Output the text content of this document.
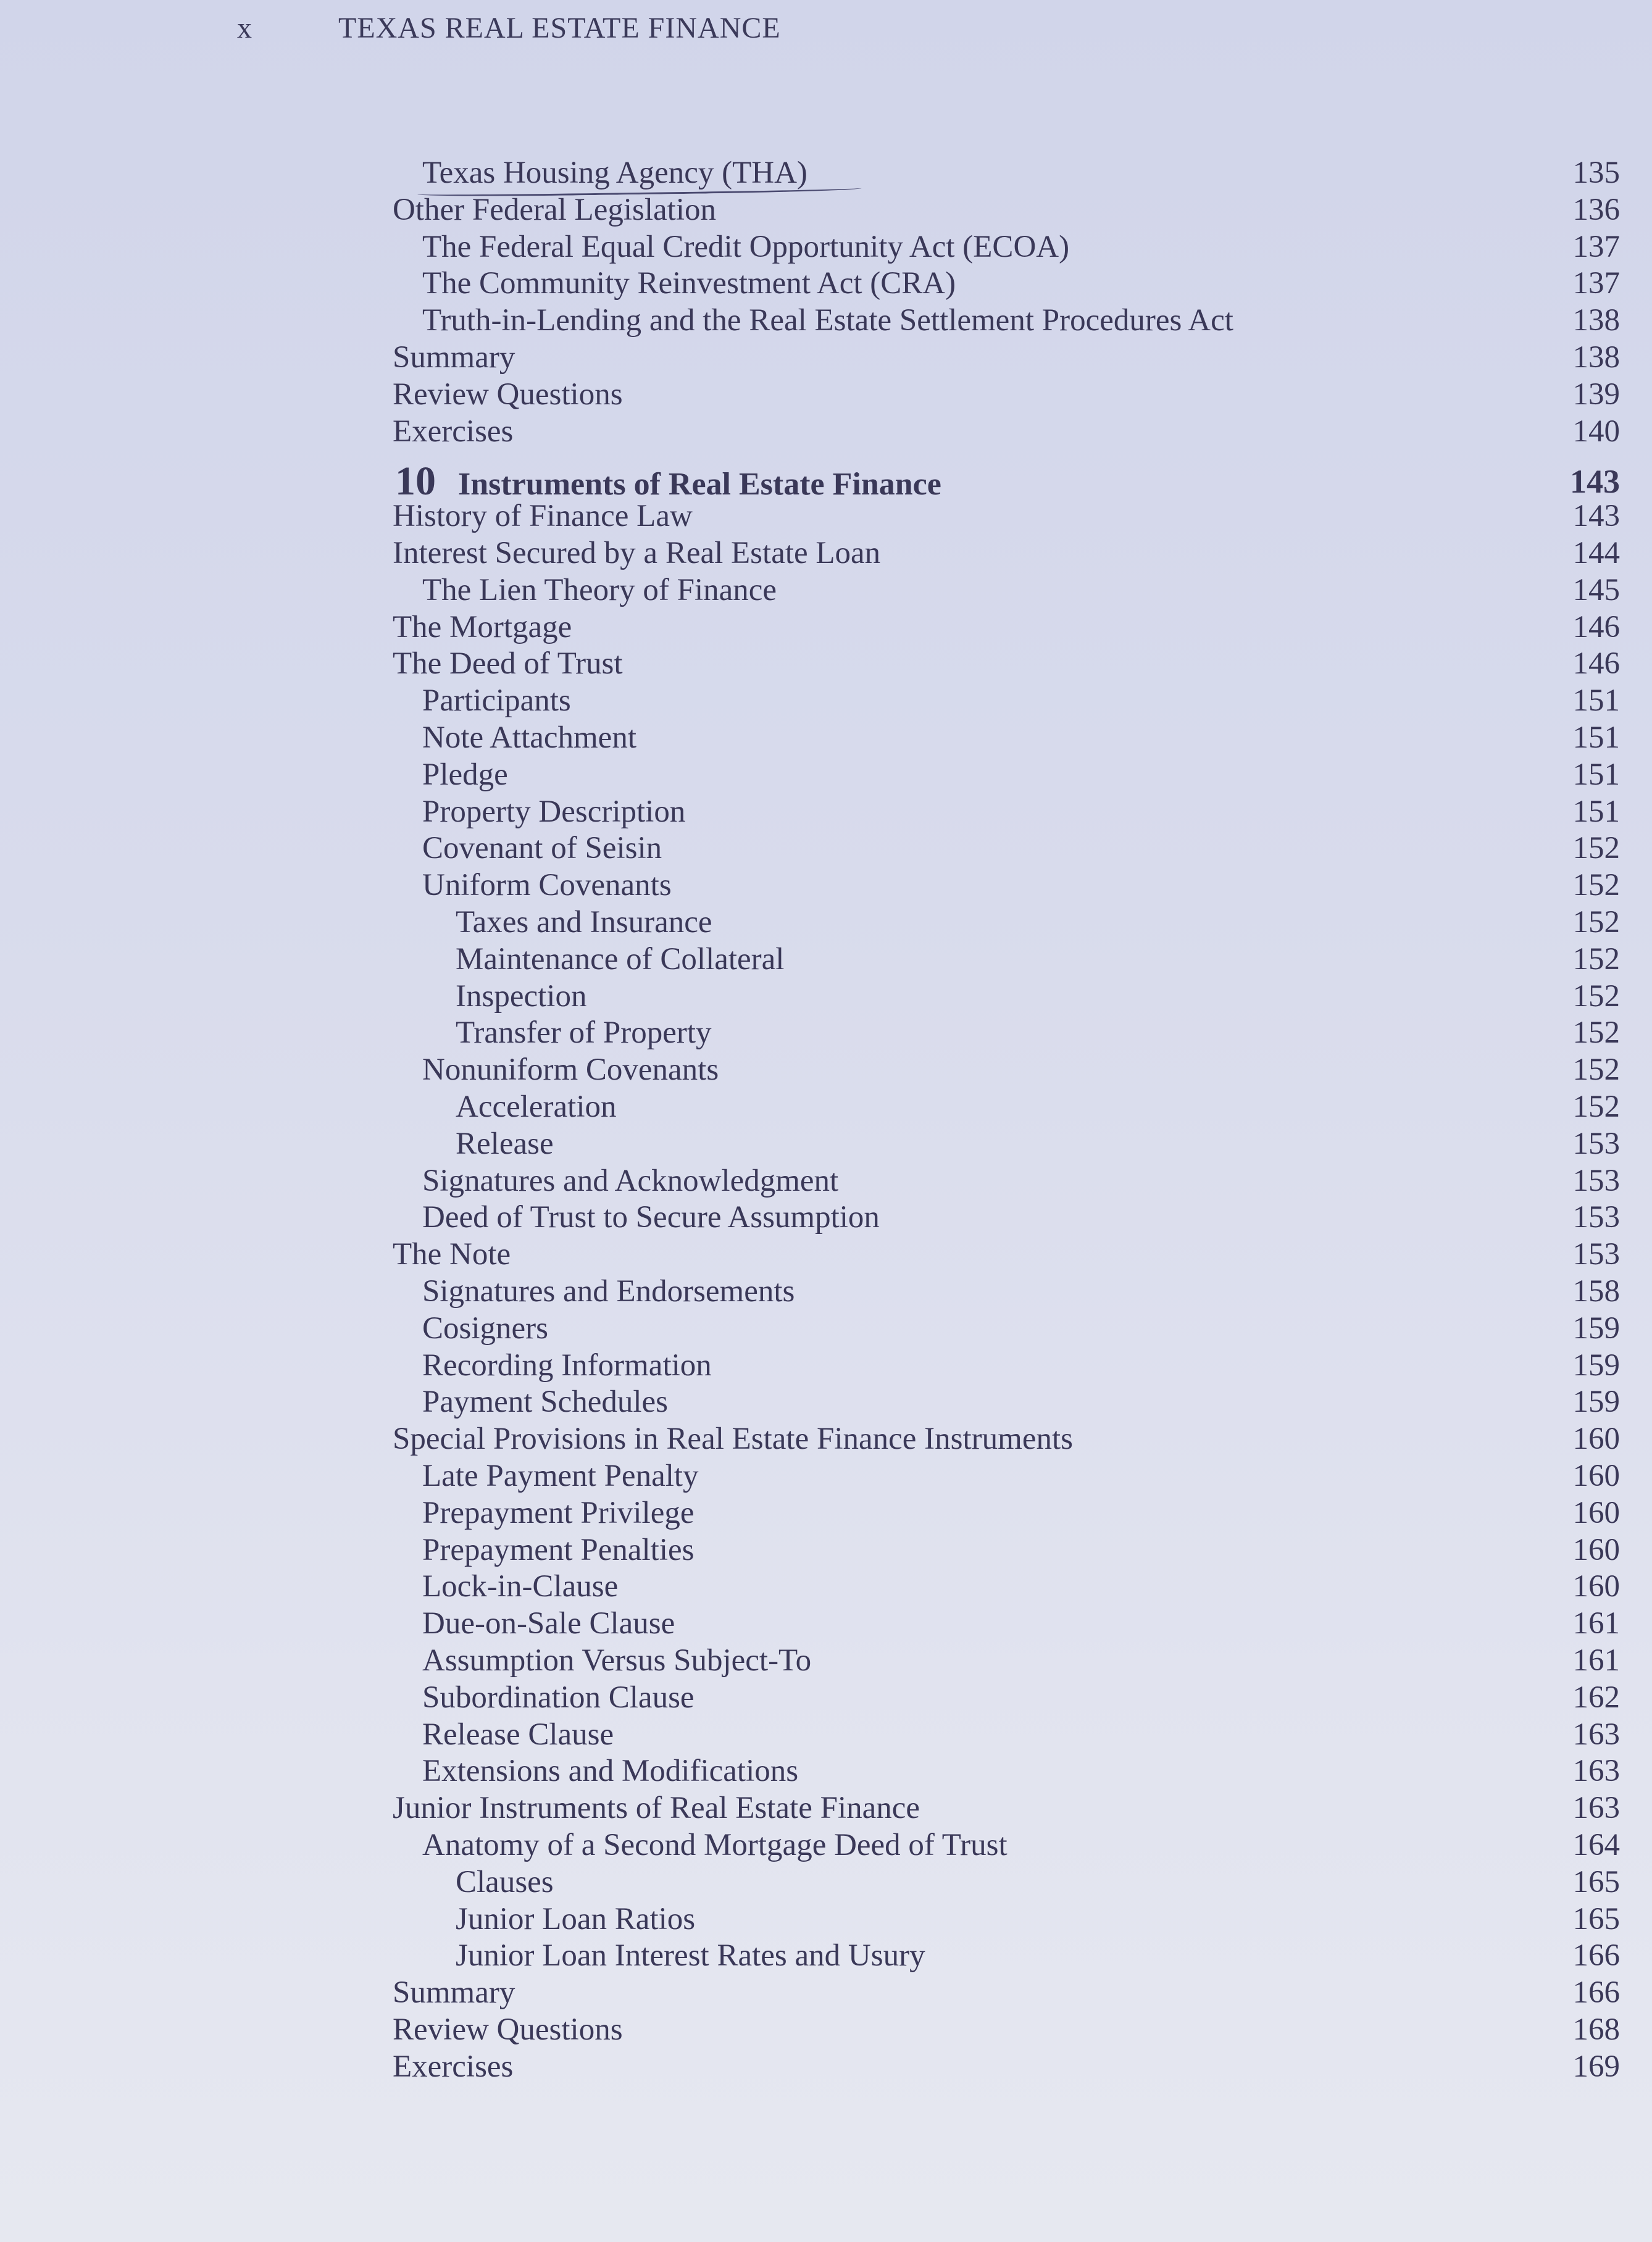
x	TEXAS REAL ESTATE FINANCE
Texas Housing Agency (THA)	135
Other Federal Legislation	136
The Federal Equal Credit Opportunity Act (ECOA)	137
The Community Reinvestment Act (CRA)	137
Truth-in-Lending and the Real Estate Settlement Procedures Act	138
Summary	138
Review Questions	139
Exercises	140
10 Instruments of Real Estate Finance	143
History of Finance Law	143
Interest Secured by a Real Estate Loan	144
The Lien Theory of Finance	145
The Mortgage	146
The Deed of Trust	146
Participants	151
Note Attachment	151
Pledge	151
Property Description	151
Covenant of Seisin	152
Uniform Covenants	152
Taxes and Insurance	152
Maintenance of Collateral	152
Inspection	152
Transfer of Property	152
Nonuniform Covenants	152
Acceleration	152
Release	153
Signatures and Acknowledgment	153
Deed of Trust to Secure Assumption	153
The Note	153
Signatures and Endorsements	158
Cosigners	159
Recording Information	159
Payment Schedules	159
Special Provisions in Real Estate Finance Instruments	160
Late Payment Penalty	160
Prepayment Privilege	160
Prepayment Penalties	160
Lock-in-Clause	160
Due-on-Sale Clause	161
Assumption Versus Subject-To	161
Subordination Clause	162
Release Clause	163
Extensions and Modifications	163
Junior Instruments of Real Estate Finance	163
Anatomy of a Second Mortgage Deed of Trust	164
Clauses	165
Junior Loan Ratios	165
Junior Loan Interest Rates and Usury	166
Summary	166
Review Questions	168
Exercises	169
